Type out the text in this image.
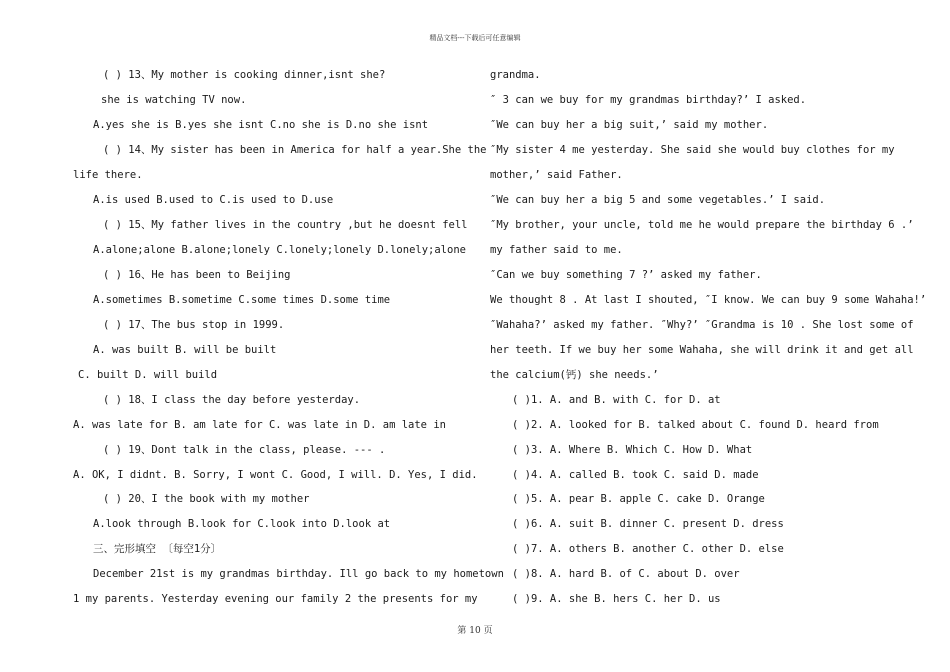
精品文档---下载后可任意编辑
( ) 13、My mother is cooking dinner,isnt she?
she is watching TV now.
A.yes she is B.yes she isnt C.no she is D.no she isnt
( ) 14、My sister has been in America for half a year.She the
life there.
A.is used B.used to C.is used to D.use
( ) 15、My father lives in the country ,but he doesnt fell
A.alone;alone B.alone;lonely C.lonely;lonely D.lonely;alone
( ) 16、He has been to Beijing
A.sometimes B.sometime C.some times D.some time
( ) 17、The bus stop in 1999.
A. was built B. will be built
C. built D. will build
( ) 18、I class the day before yesterday.
A. was late for B. am late for C. was late in D. am late in
( ) 19、Dont talk in the class, please. --- .
A. OK, I didnt. B. Sorry, I wont C. Good, I will. D. Yes, I did.
( ) 20、I the book with my mother
A.look through B.look for C.look into D.look at
三、完形填空 〔每空1分〕
December 21st is my grandmas birthday. Ill go back to my hometown
1 my parents. Yesterday evening our family 2 the presents for my
grandma.
″ 3 can we buy for my grandmas birthday?’ I asked.
″We can buy her a big suit,’ said my mother.
″My sister 4 me yesterday. She said she would buy clothes for my
mother,’ said Father.
″We can buy her a big 5 and some vegetables.’ I said.
″My brother, your uncle, told me he would prepare the birthday 6 .’
my father said to me.
″Can we buy something 7 ?’ asked my father.
We thought 8 . At last I shouted, ″I know. We can buy 9 some Wahaha!’
″Wahaha?’ asked my father. ″Why?’ ″Grandma is 10 . She lost some of
her teeth. If we buy her some Wahaha, she will drink it and get all
the calcium(钙) she needs.’
( )1. A. and B. with C. for D. at
( )2. A. looked for B. talked about C. found D. heard from
( )3. A. Where B. Which C. How D. What
( )4. A. called B. took C. said D. made
( )5. A. pear B. apple C. cake D. Orange
( )6. A. suit B. dinner C. present D. dress
( )7. A. others B. another C. other D. else
( )8. A. hard B. of C. about D. over
( )9. A. she B. hers C. her D. us
第 10 页
